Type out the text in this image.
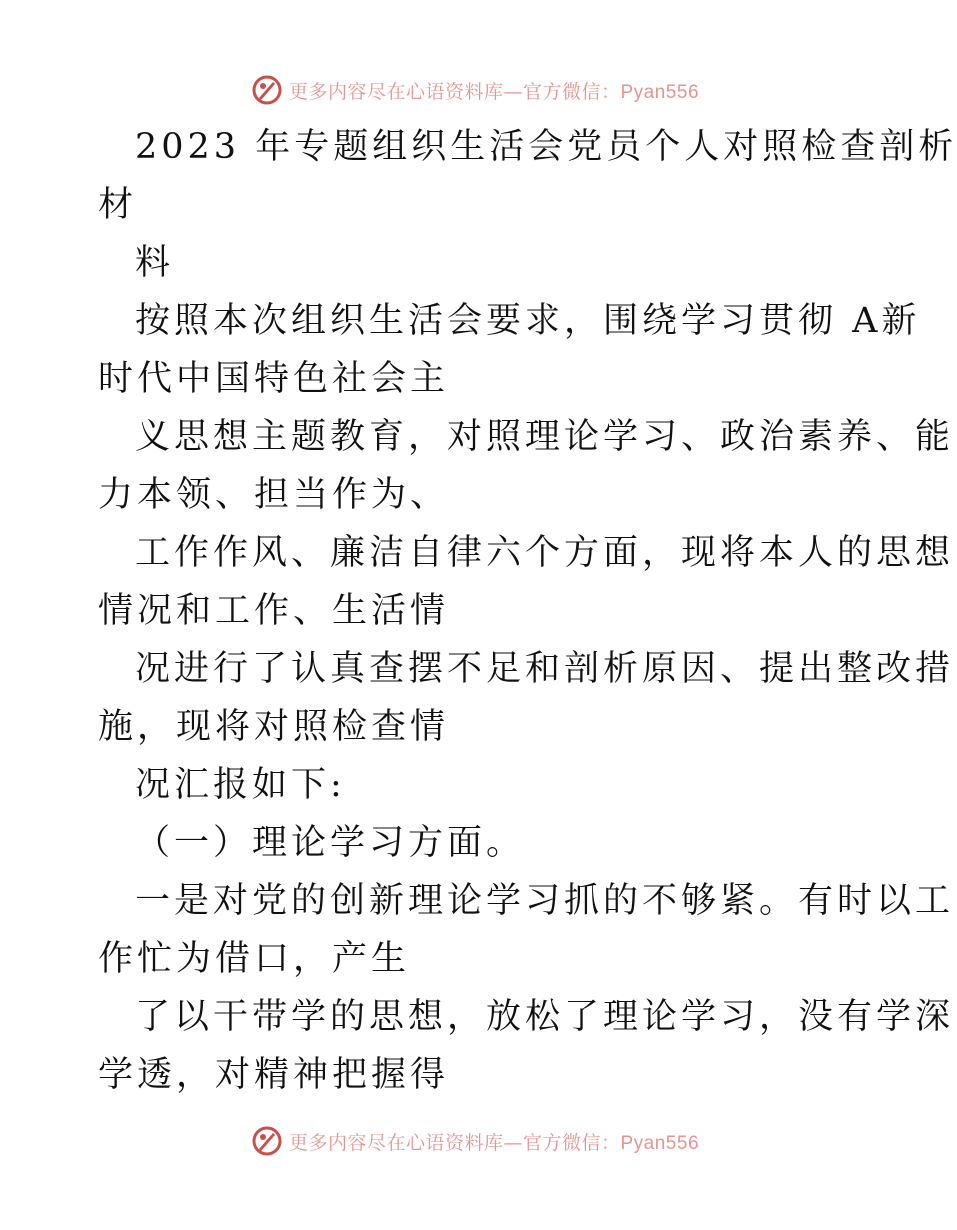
更多内容尽在心语资料库—官方微信：Pyan556
2023 年专题组织生活会党员个人对照检查剖析
材
料
按照本次组织生活会要求，围绕学习贯彻 A新
时代中国特色社会主
义思想主题教育，对照理论学习、政治素养、能
力本领、担当作为、
工作作风、廉洁自律六个方面，现将本人的思想
情况和工作、生活情
况进行了认真查摆不足和剖析原因、提出整改措
施，现将对照检查情
况汇报如下:
（一）理论学习方面。
一是对党的创新理论学习抓的不够紧。有时以工
作忙为借口，产生
了以干带学的思想，放松了理论学习，没有学深
学透，对精神把握得
更多内容尽在心语资料库—官方微信：Pyan556
